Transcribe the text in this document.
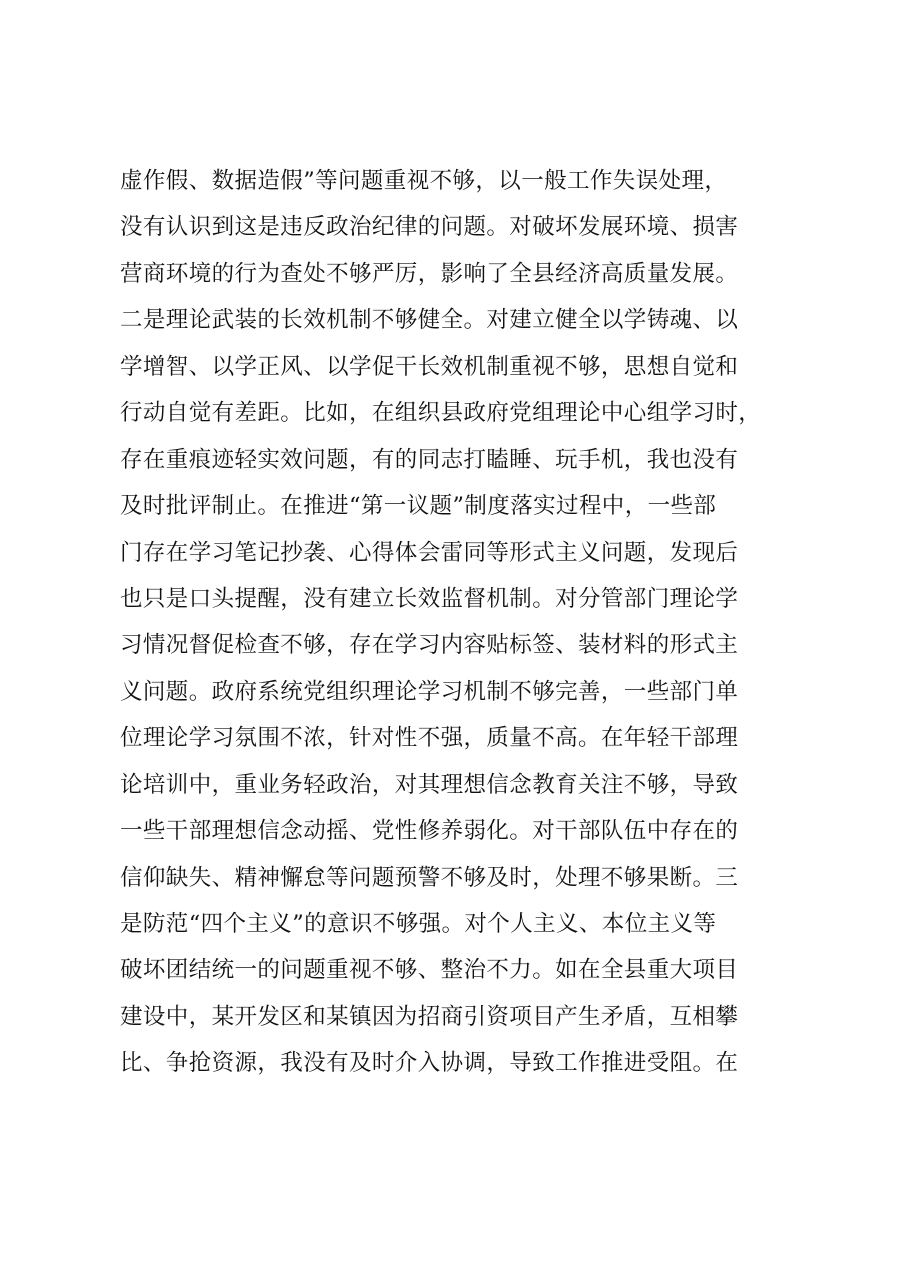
虚作假、数据造假”等问题重视不够，以一般工作失误处理，
没有认识到这是违反政治纪律的问题。对破坏发展环境、损害
营商环境的行为查处不够严厉，影响了全县经济高质量发展。
二是理论武装的长效机制不够健全。对建立健全以学铸魂、以
学增智、以学正风、以学促干长效机制重视不够，思想自觉和
行动自觉有差距。比如，在组织县政府党组理论中心组学习时，
存在重痕迹轻实效问题，有的同志打瞌睡、玩手机，我也没有
及时批评制止。在推进“第一议题”制度落实过程中，一些部
门存在学习笔记抄袭、心得体会雷同等形式主义问题，发现后
也只是口头提醒，没有建立长效监督机制。对分管部门理论学
习情况督促检查不够，存在学习内容贴标签、装材料的形式主
义问题。政府系统党组织理论学习机制不够完善，一些部门单
位理论学习氛围不浓，针对性不强，质量不高。在年轻干部理
论培训中，重业务轻政治，对其理想信念教育关注不够，导致
一些干部理想信念动摇、党性修养弱化。对干部队伍中存在的
信仰缺失、精神懈怠等问题预警不够及时，处理不够果断。三
是防范“四个主义”的意识不够强。对个人主义、本位主义等
破坏团结统一的问题重视不够、整治不力。如在全县重大项目
建设中，某开发区和某镇因为招商引资项目产生矛盾，互相攀
比、争抢资源，我没有及时介入协调，导致工作推进受阻。在
